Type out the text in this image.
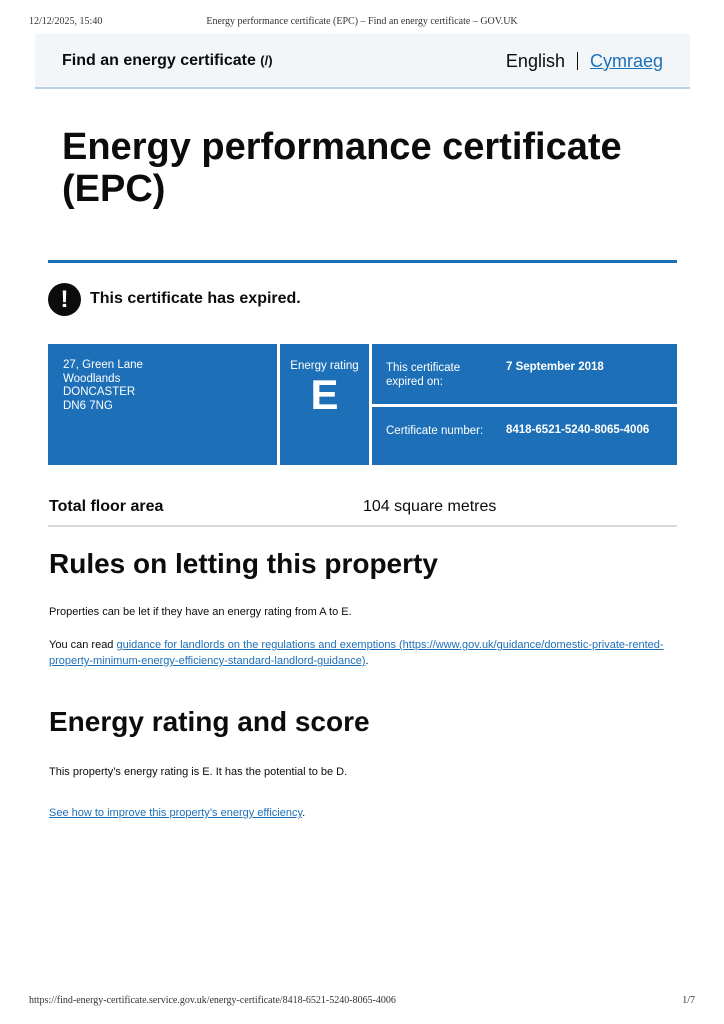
12/12/2025, 15:40	Energy performance certificate (EPC) – Find an energy certificate – GOV.UK
Find an energy certificate (/)	English Cymraeg
Energy performance certificate (EPC)
!	This certificate has expired.
27, Green Lane
Woodlands
DONCASTER
DN6 7NG
Energy rating
E
This certificate expired on:
7 September 2018
Certificate number: 8418-6521-5240-8065-4006
Total floor area	104 square metres
Rules on letting this property

Properties can be let if they have an energy rating from A to E.

You can read guidance for landlords on the regulations and exemptions (https://www.gov.uk/guidance/domestic-private-rented-property-minimum-energy-efficiency-standard-landlord-guidance).

Energy rating and score

This property’s energy rating is E. It has the potential to be D.

See how to improve this property’s energy efficiency.

https://find-energy-certificate.service.gov.uk/energy-certificate/8418-6521-5240-8065-4006	1/7
